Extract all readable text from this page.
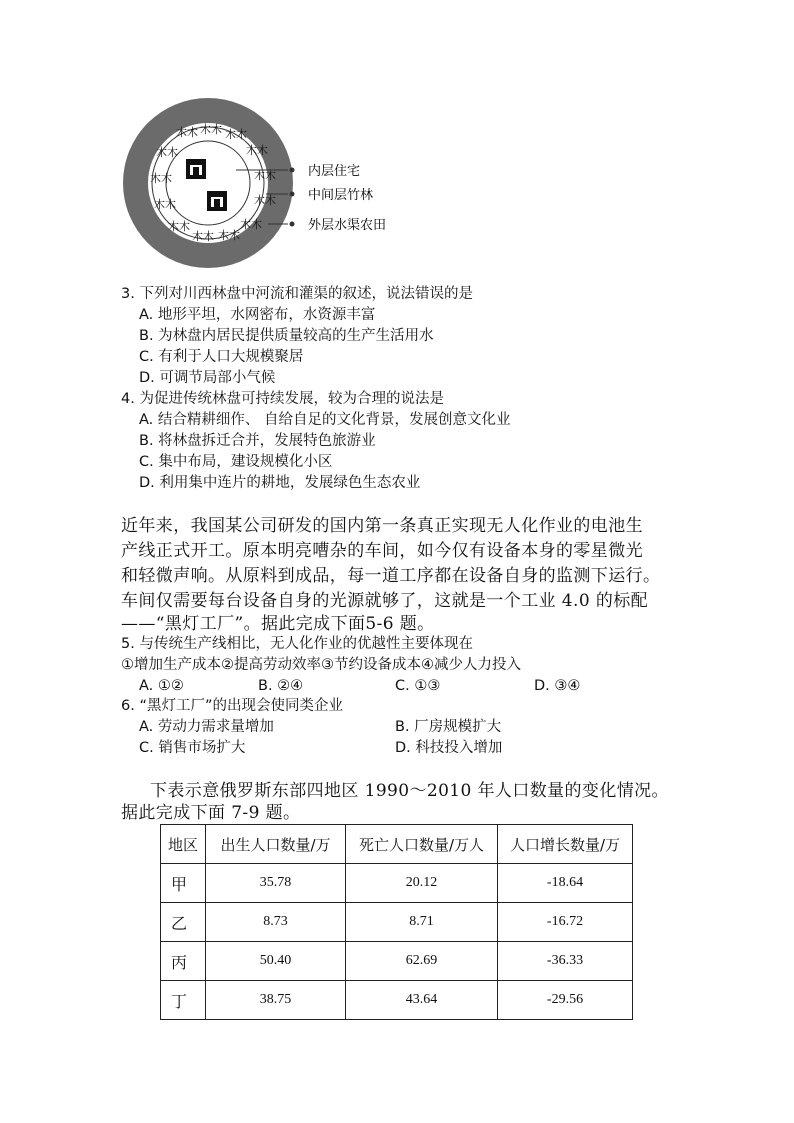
木木 木木 木木
木木
木木
木木
木木
木木
木木
木木
木木
木木
木木
内层住宅
中间层竹林
外层水渠农田
3. 下列对川西林盘中河流和灌渠的叙述，说法错误的是
A. 地形平坦，水网密布，水资源丰富
B. 为林盘内居民提供质量较高的生产生活用水
C. 有利于人口大规模聚居
D. 可调节局部小气候
4. 为促进传统林盘可持续发展，较为合理的说法是
A. 结合精耕细作、 自给自足的文化背景，发展创意文化业
B. 将林盘拆迁合并，发展特色旅游业
C. 集中布局，建设规模化小区
D. 利用集中连片的耕地，发展绿色生态农业
近年来，我国某公司研发的国内第一条真正实现无人化作业的电池生
产线正式开工。原本明亮嘈杂的车间，如今仅有设备本身的零星微光
和轻微声响。从原料到成品，每一道工序都在设备自身的监测下运行。
车间仅需要每台设备自身的光源就够了，这就是一个工业 4.0 的标配
——“黑灯工厂”。据此完成下面5-6 题。
5. 与传统生产线相比，无人化作业的优越性主要体现在
①增加生产成本②提高劳动效率③节约设备成本④减少人力投入
A. ①②	B. ②④	C. ①③	D. ③④
6. “黑灯工厂”的出现会使同类企业
A. 劳动力需求量增加	B. 厂房规模扩大
C. 销售市场扩大	D. 科技投入增加
下表示意俄罗斯东部四地区 1990～2010 年人口数量的变化情况。
据此完成下面 7-9 题。
地区	出生人口数量/万	死亡人口数量/万人	人口增长数量/万
甲	35.78	20.12	-18.64
乙	8.73	8.71	-16.72
丙	50.40	62.69	-36.33
丁	38.75	43.64	-29.56
